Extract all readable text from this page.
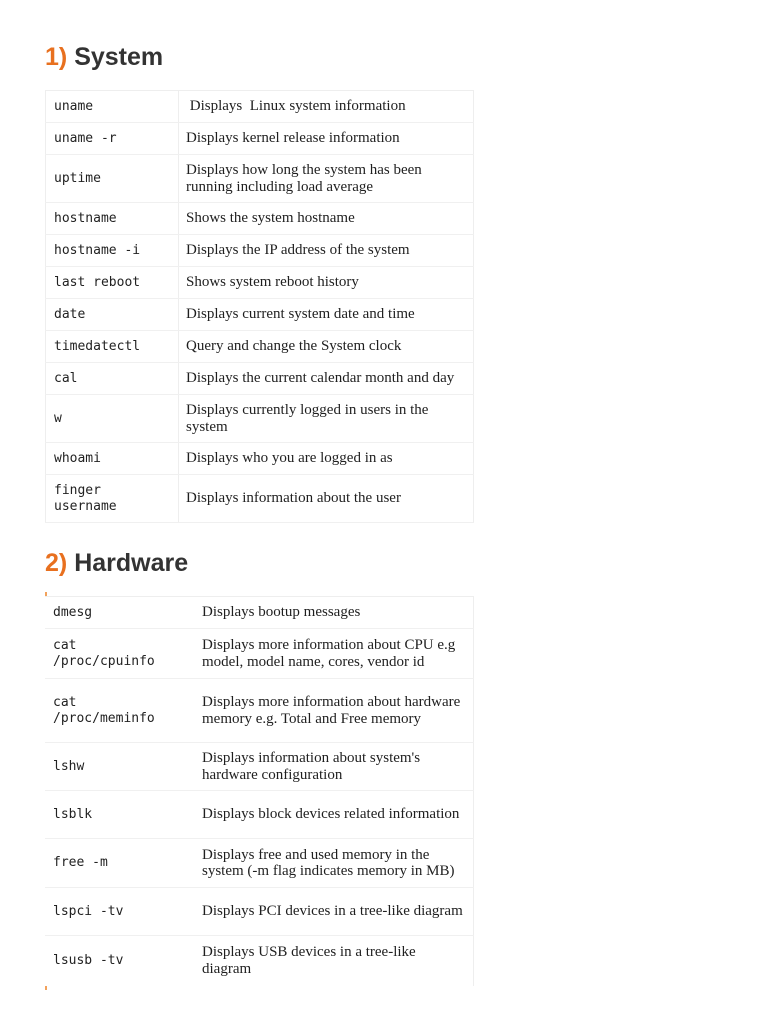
1) System
uname	Displays  Linux system information
uname -r	Displays kernel release information
uptime	Displays how long the system has been running including load average
hostname	Shows the system hostname
hostname -i	Displays the IP address of the system
last reboot	Shows system reboot history
date	Displays current system date and time
timedatectl	Query and change the System clock
cal	Displays the current calendar month and day
w	Displays currently logged in users in the system
whoami	Displays who you are logged in as
finger username	Displays information about the user
2) Hardware
dmesg	Displays bootup messages
cat /proc/cpuinfo	Displays more information about CPU e.g model, model name, cores, vendor id
cat /proc/meminfo	Displays more information about hardware memory e.g. Total and Free memory
lshw	Displays information about system's hardware configuration
lsblk	Displays block devices related information
free -m	Displays free and used memory in the system (-m flag indicates memory in MB)
lspci -tv	Displays PCI devices in a tree-like diagram
lsusb -tv	Displays USB devices in a tree-like diagram
